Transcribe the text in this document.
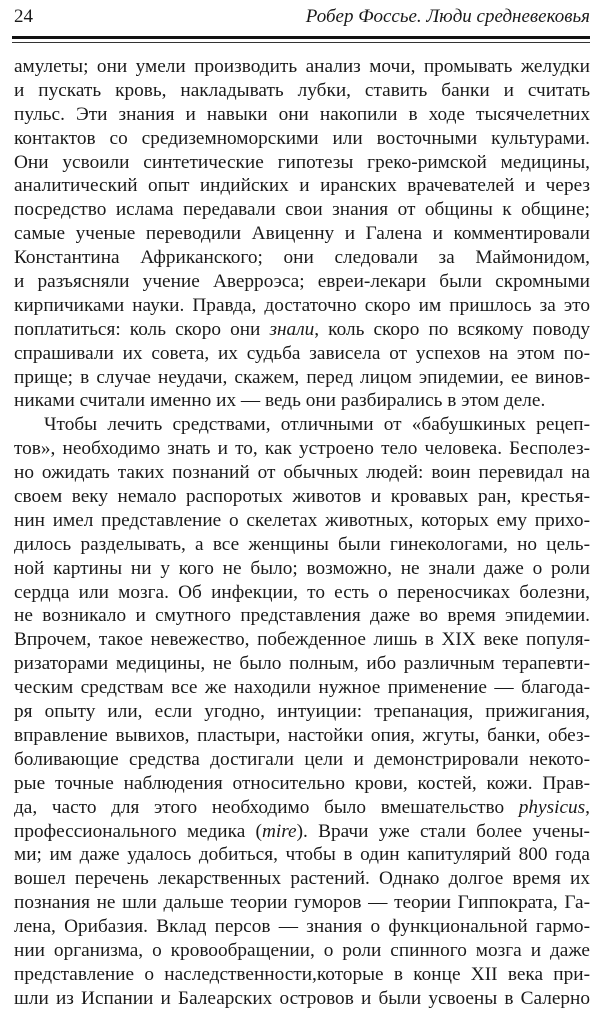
24	Робер Фоссье. Люди средневековья
амулеты; они умели производить анализ мочи, промывать желудки
и пускать кровь, накладывать лубки, ставить банки и считать
пульс. Эти знания и навыки они накопили в ходе тысячелетних
контактов со средиземноморскими или восточными культурами.
Они усвоили синтетические гипотезы греко-римской медицины,
аналитический опыт индийских и иранских врачевателей и через
посредство ислама передавали свои знания от общины к общине;
самые ученые переводили Авиценну и Галена и комментировали
Константина Африканского; они следовали за Маймонидом,
и разъясняли учение Аверроэса; евреи-лекари были скромными
кирпичиками науки. Правда, достаточно скоро им пришлось за это
поплатиться: коль скоро они знали, коль скоро по всякому поводу
спрашивали их совета, их судьба зависела от успехов на этом по-
прище; в случае неудачи, скажем, перед лицом эпидемии, ее винов-
никами считали именно их — ведь они разбирались в этом деле.
Чтобы лечить средствами, отличными от «бабушкиных рецеп-
тов», необходимо знать и то, как устроено тело человека. Бесполез-
но ожидать таких познаний от обычных людей: воин перевидал на
своем веку немало распоротых животов и кровавых ран, крестья-
нин имел представление о скелетах животных, которых ему прихо-
дилось разделывать, а все женщины были гинекологами, но цель-
ной картины ни у кого не было; возможно, не знали даже о роли
сердца или мозга. Об инфекции, то есть о переносчиках болезни,
не возникало и смутного представления даже во время эпидемии.
Впрочем, такое невежество, побежденное лишь в XIX веке популя-
ризаторами медицины, не было полным, ибо различным терапевти-
ческим средствам все же находили нужное применение — благода-
ря опыту или, если угодно, интуиции: трепанация, прижигания,
вправление вывихов, пластыри, настойки опия, жгуты, банки, обез-
боливающие средства достигали цели и демонстрировали некото-
рые точные наблюдения относительно крови, костей, кожи. Прав-
да, часто для этого необходимо было вмешательство physicus,
профессионального медика (mire). Врачи уже стали более учены-
ми; им даже удалось добиться, чтобы в один капитулярий 800 года
вошел перечень лекарственных растений. Однако долгое время их
познания не шли дальше теории гуморов — теории Гиппократа, Га-
лена, Орибазия. Вклад персов — знания о функциональной гармо-
нии организма, о кровообращении, о роли спинного мозга и даже
представление о наследственности,которые в конце XII века при-
шли из Испании и Балеарских островов и были усвоены в Салерно
